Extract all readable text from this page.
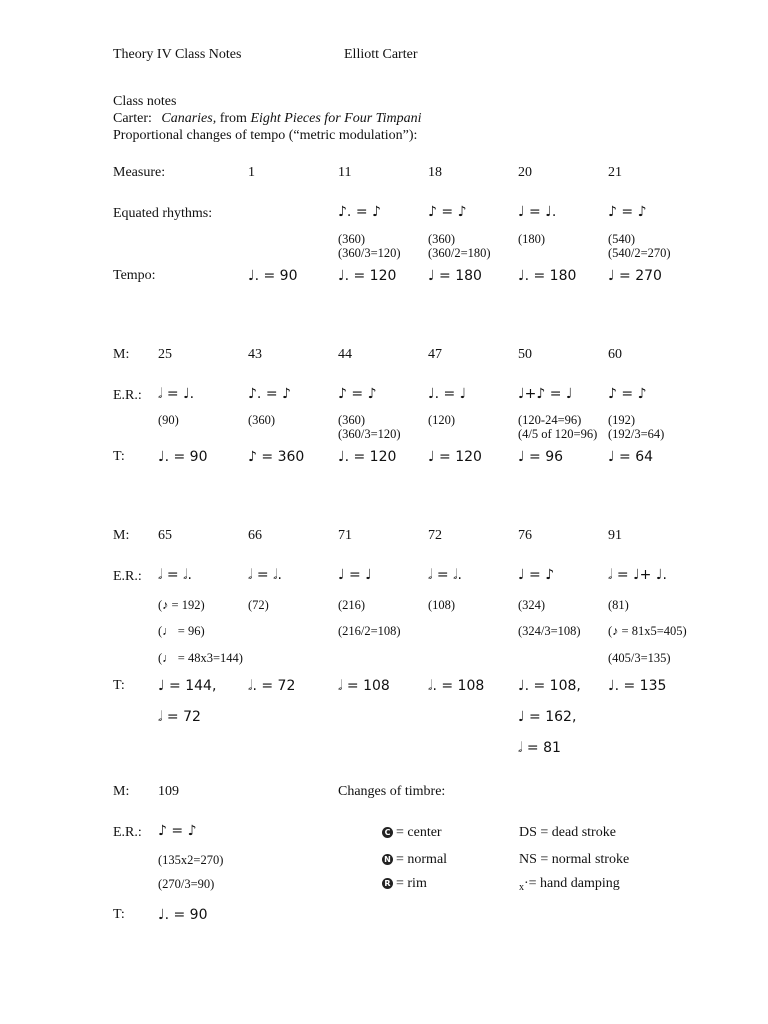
Theory IV Class Notes	Elliott Carter
Class notes
Carter: Canaries, from Eight Pieces for Four Timpani
Proportional changes of tempo (“metric modulation”):
Measure:
Equated rhythms:
Tempo:
1
♩. = 90
11
♪. = ♪
(360)
(360/3=120)
♩. = 120
18
♪ = ♪
(360)
(360/2=180)
♩ = 180
20
♩ = ♩.
(180)
♩. = 180
21
♪ = ♪
(540)
(540/2=270)
♩ = 270
M:
E.R.:
T:
25
𝅗𝅥 = ♩.
(90)
♩. = 90
43
♪. = ♪
(360)
♪ = 360
44
♪ = ♪
(360)
(360/3=120)
♩. = 120
47
♩. = ♩
(120)
♩ = 120
50
♩+♪ = ♩
(120-24=96)
(4/5 of 120=96)
♩ = 96
60
♪ = ♪
(192)
(192/3=64)
♩ = 64
M:
E.R.:
T:
65
𝅗𝅥 = 𝅗𝅥.
(♪ = 192)
(♩ = 96)
(♩ = 48x3=144)
♩ = 144,
𝅗𝅥 = 72
66
𝅗𝅥 = 𝅗𝅥.
(72)
𝅗𝅥. = 72
71
♩ = ♩
(216)
(216/2=108)
𝅗𝅥 = 108
72
𝅗𝅥 = 𝅗𝅥.
(108)
𝅗𝅥. = 108
76
♩ = ♪
(324)
(324/3=108)
♩. = 108,
♩ = 162,
𝅗𝅥 = 81
91
𝅗𝅥 = ♩+ ♩.
(81)
(♪ = 81x5=405)
(405/3=135)
♩. = 135
M:
E.R.:
T:
109
♪ = ♪
(135x2=270)
(270/3=90)
♩. = 90
Changes of timbre:
C = center
N = normal
R = rim
DS = dead stroke
NS = normal stroke
$_x$·= hand damping
